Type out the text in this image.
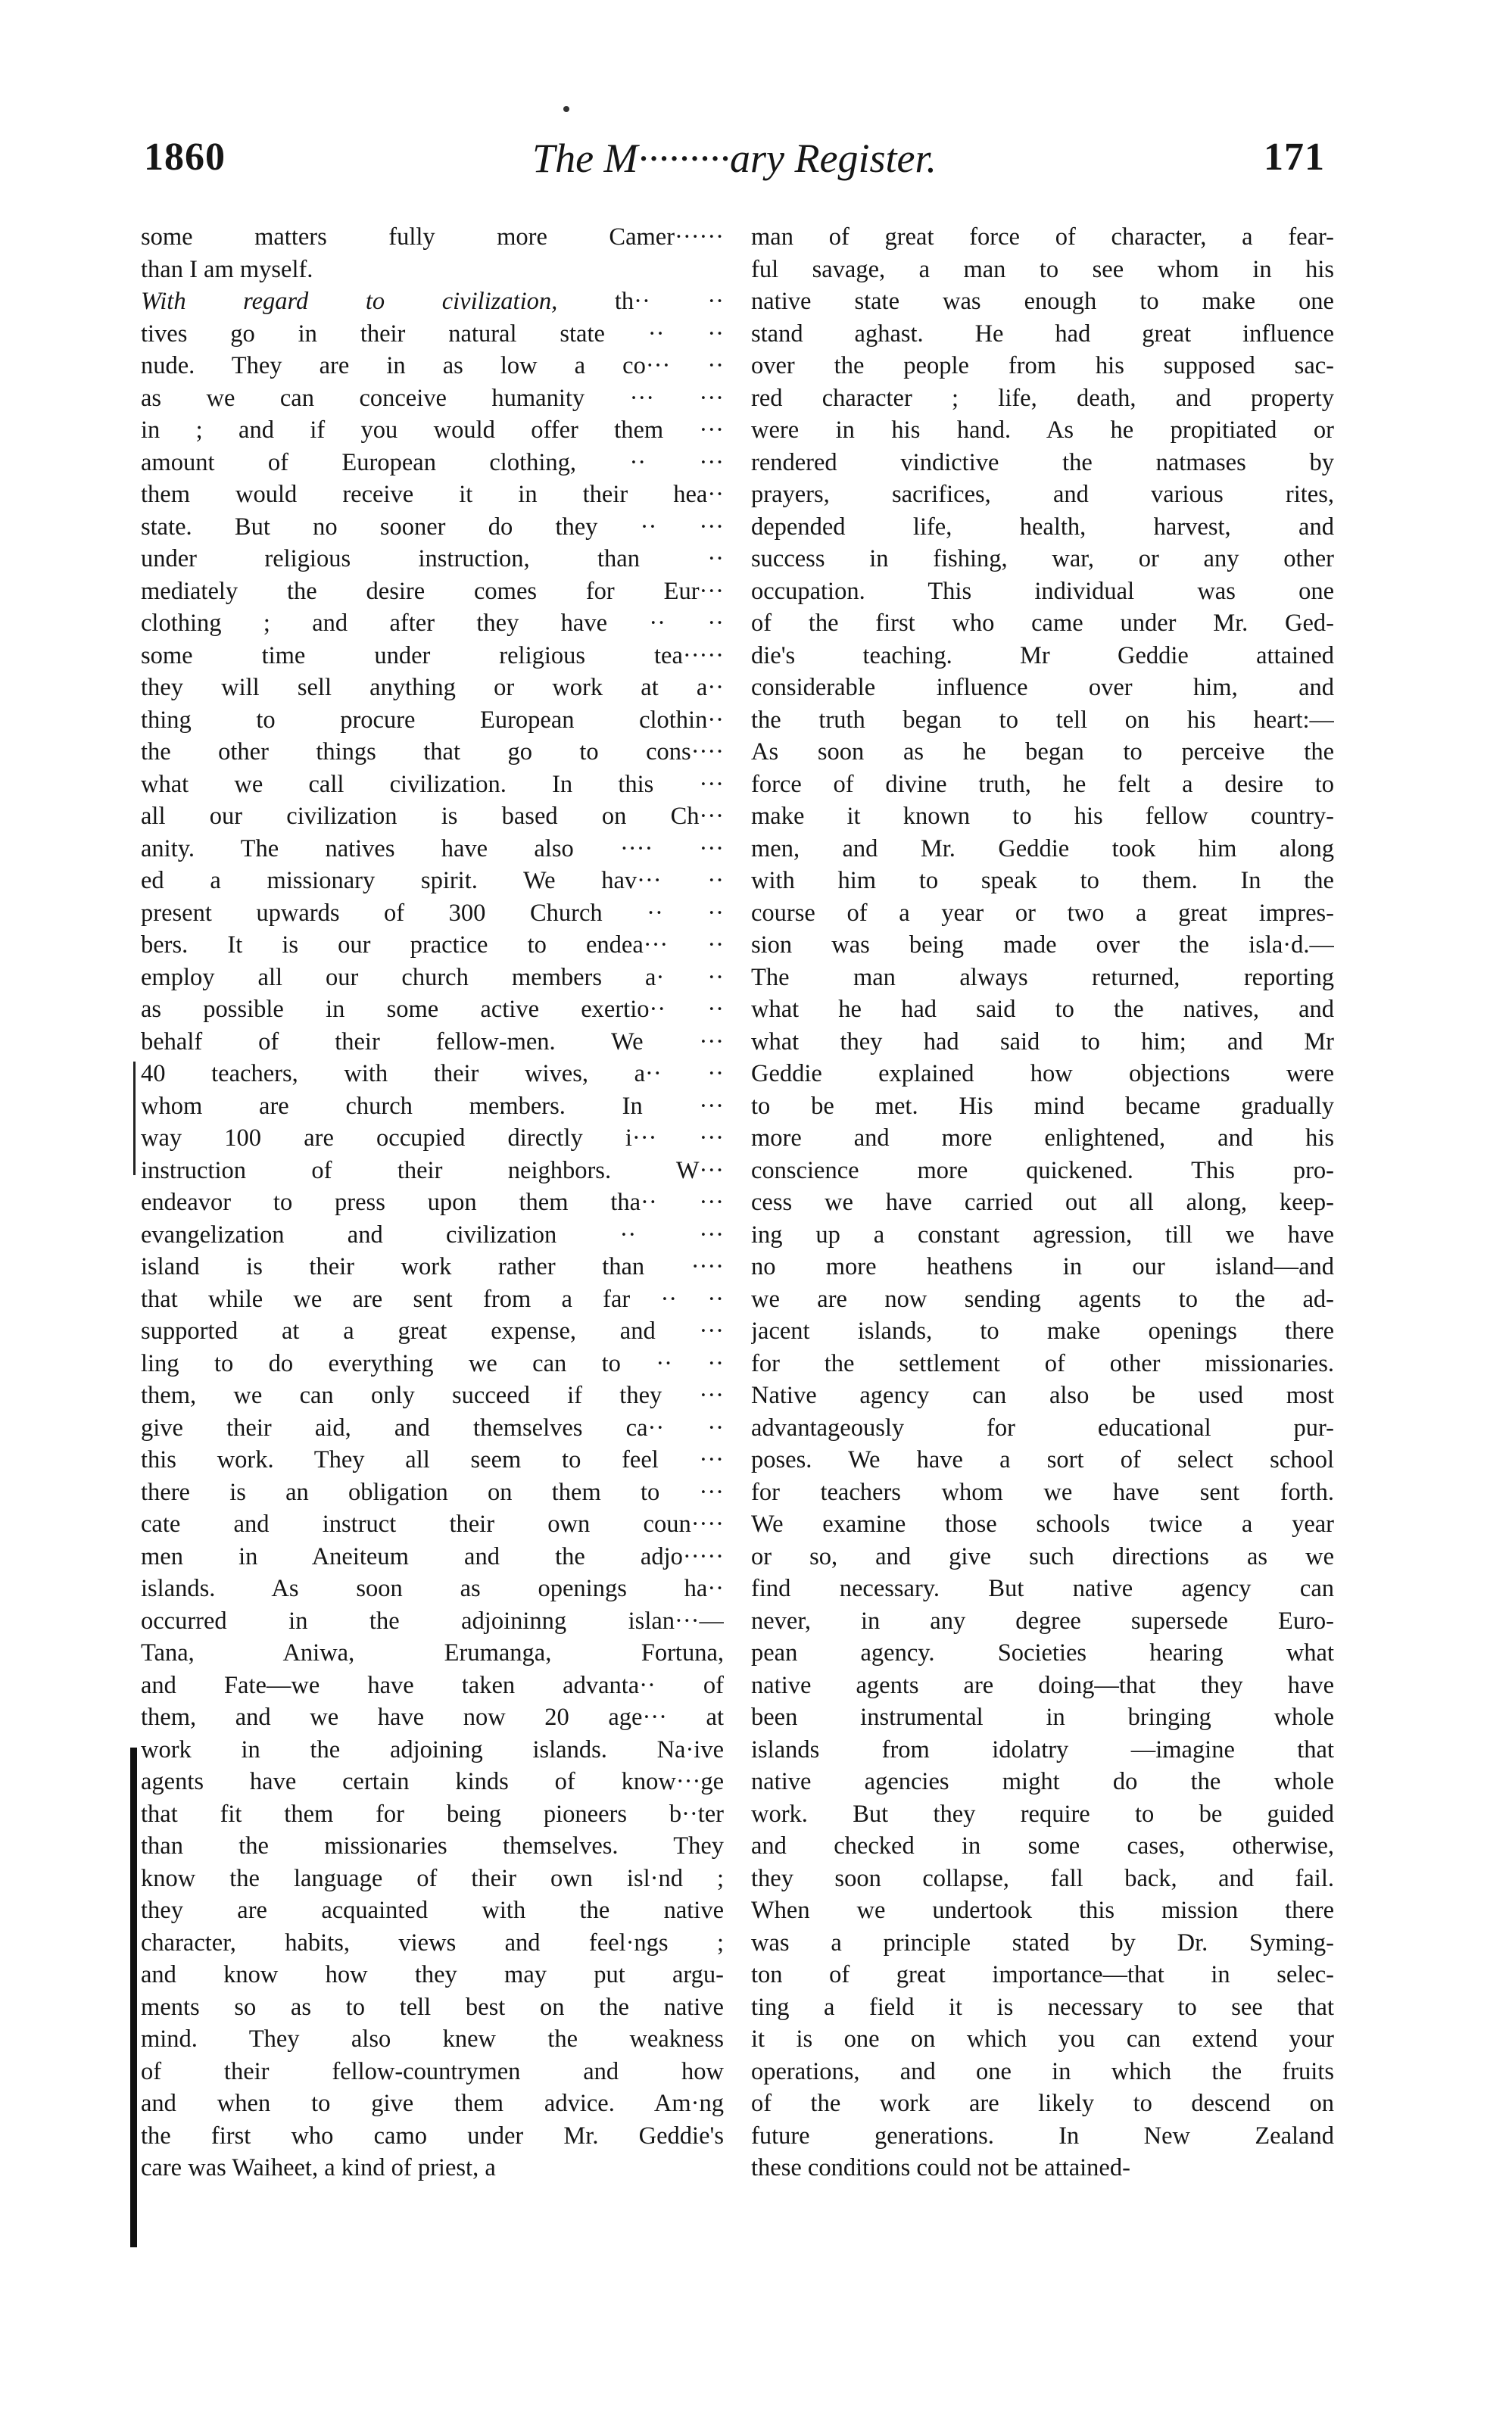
1860	The M·········ary Register.	171
some matters fully more Camer······
than I am myself.
With regard to civilization, th·· ··
tives go in their natural state ·· ··
nude. They are in as low a co··· ··
as we can conceive humanity ··· ···
in ; and if you would offer them ···
amount of European clothing, ·· ···
them would receive it in their hea··
state. But no sooner do they ·· ···
under religious instruction, than ··
mediately the desire comes for Eur···
clothing ; and after they have ·· ··
some time under religious tea·····
they will sell anything or work at a··
thing to procure European clothin··
the other things that go to cons····
what we call civilization. In this ···
all our civilization is based on Ch···
anity. The natives have also ···· ···
ed a missionary spirit. We hav··· ··
present upwards of 300 Church ·· ··
bers. It is our practice to endea··· ··
employ all our church members a· ··
as possible in some active exertio·· ··
behalf of their fellow-men. We ···
40 teachers, with their wives, a·· ··
whom are church members. In ···
way 100 are occupied directly i··· ···
instruction of their neighbors. W···
endeavor to press upon them tha·· ···
evangelization and civilization ·· ···
island is their work rather than ····
that while we are sent from a far ·· ··
supported at a great expense, and ···
ling to do everything we can to ·· ··
them, we can only succeed if they ···
give their aid, and themselves ca·· ··
this work. They all seem to feel ···
there is an obligation on them to ···
cate and instruct their own coun····
men in Aneiteum and the adjo·····
islands. As soon as openings ha··
occurred in the adjoininng islan···—
Tana, Aniwa, Erumanga, Fortuna,
and Fate—we have taken advanta·· of
them, and we have now 20 age··· at
work in the adjoining islands. Na·ive
agents have certain kinds of know···ge
that fit them for being pioneers b··ter
than the missionaries themselves. They
know the language of their own isl·nd ;
they are acquainted with the native
character, habits, views and feel·ngs ;
and know how they may put argu-
ments so as to tell best on the native
mind. They also knew the weakness
of their fellow-countrymen and how
and when to give them advice. Am·ng
the first who camo under Mr. Geddie's
care was Waiheet, a kind of priest, a
man of great force of character, a fear-
ful savage, a man to see whom in his
native state was enough to make one
stand aghast. He had great influence
over the people from his supposed sac-
red character ; life, death, and property
were in his hand. As he propitiated or
rendered vindictive the natmases by
prayers, sacrifices, and various rites,
depended life, health, harvest, and
success in fishing, war, or any other
occupation. This individual was one
of the first who came under Mr. Ged-
die's teaching. Mr Geddie attained
considerable influence over him, and
the truth began to tell on his heart:—
As soon as he began to perceive the
force of divine truth, he felt a desire to
make it known to his fellow country-
men, and Mr. Geddie took him along
with him to speak to them. In the
course of a year or two a great impres-
sion was being made over the isla·d.—
The man always returned, reporting
what he had said to the natives, and
what they had said to him; and Mr
Geddie explained how objections were
to be met. His mind became gradually
more and more enlightened, and his
conscience more quickened. This pro-
cess we have carried out all along, keep-
ing up a constant agression, till we have
no more heathens in our island—and
we are now sending agents to the ad-
jacent islands, to make openings there
for the settlement of other missionaries.
Native agency can also be used most
advantageously for educational pur-
poses. We have a sort of select school
for teachers whom we have sent forth.
We examine those schools twice a year
or so, and give such directions as we
find necessary. But native agency can
never, in any degree supersede Euro-
pean agency. Societies hearing what
native agents are doing—that they have
been instrumental in bringing whole
islands from idolatry —imagine that
native agencies might do the whole
work. But they require to be guided
and checked in some cases, otherwise,
they soon collapse, fall back, and fail.
When we undertook this mission there
was a principle stated by Dr. Syming-
ton of great importance—that in selec-
ting a field it is necessary to see that
it is one on which you can extend your
operations, and one in which the fruits
of the work are likely to descend on
future generations. In New Zealand
these conditions could not be attained-
